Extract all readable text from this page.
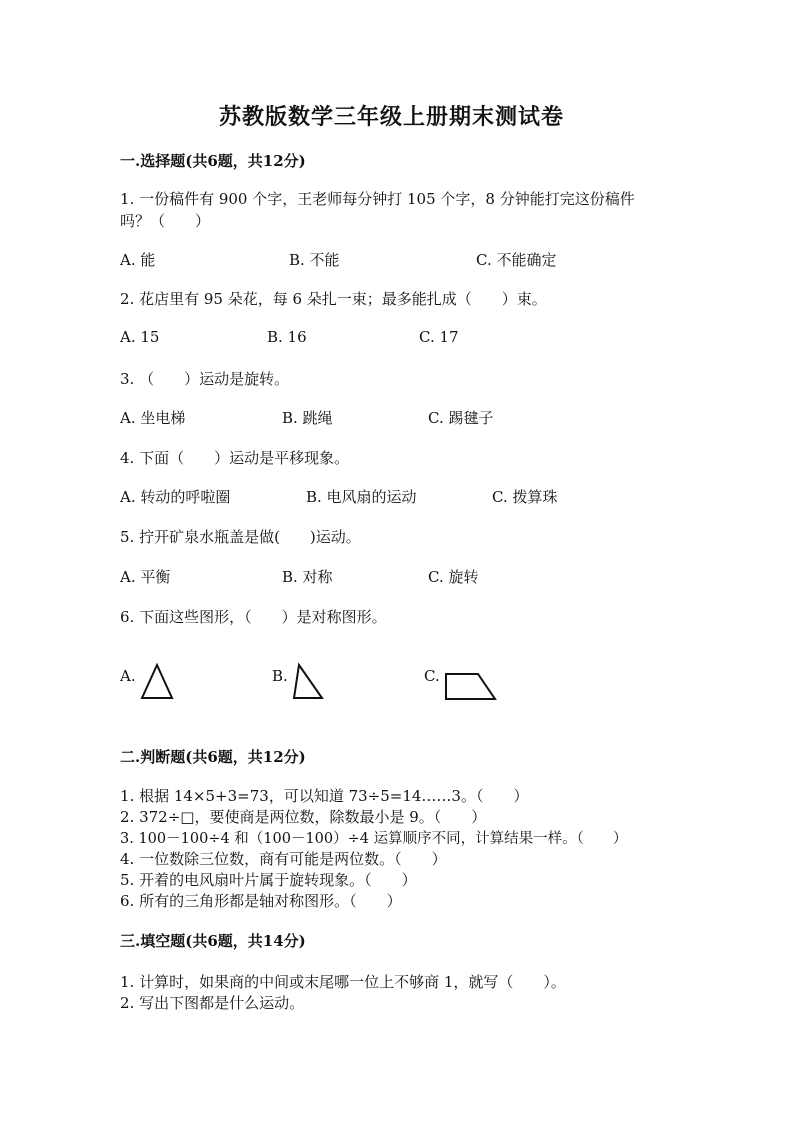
苏教版数学三年级上册期末测试卷
一.选择题(共6题，共12分)
1. 一份稿件有 900 个字，王老师每分钟打 105 个字，8 分钟能打完这份稿件
吗？（　　）
A. 能	B. 不能	C. 不能确定
2. 花店里有 95 朵花，每 6 朵扎一束；最多能扎成（　　）束。
A. 15	B. 16	C. 17
3. （　　）运动是旋转。
A. 坐电梯	B. 跳绳	C. 踢毽子
4. 下面（　　）运动是平移现象。
A. 转动的呼啦圈	B. 电风扇的运动	C. 拨算珠
5. 拧开矿泉水瓶盖是做(　　)运动。
A. 平衡	B. 对称	C. 旋转
6. 下面这些图形，（　　）是对称图形。
A.	B.	C.
二.判断题(共6题，共12分)
1. 根据 14×5+3=73，可以知道 73÷5=14……3。（　　）
2. 372÷□，要使商是两位数，除数最小是 9。（　　）
3. 100－100÷4 和（100－100）÷4 运算顺序不同，计算结果一样。（　　）
4. 一位数除三位数，商有可能是两位数。（　　）
5. 开着的电风扇叶片属于旋转现象。（　　）
6. 所有的三角形都是轴对称图形。（　　）
三.填空题(共6题，共14分)
1. 计算时，如果商的中间或末尾哪一位上不够商 1，就写（　　）。
2. 写出下图都是什么运动。
